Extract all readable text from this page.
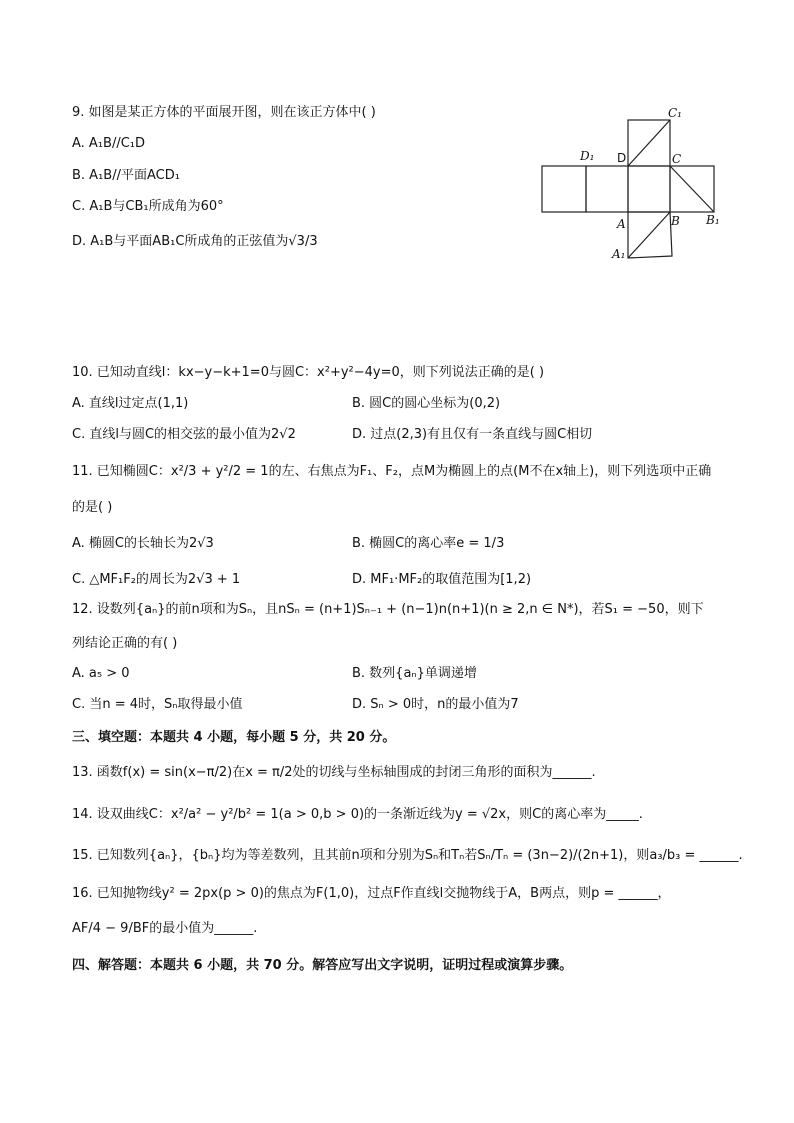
9. 如图是某正方体的平面展开图，则在该正方体中( )
A. A₁B//C₁D
B. A₁B//平面ACD₁
C. A₁B与CB₁所成角为60°
D. A₁B与平面AB₁C所成角的正弦值为√3/3
C₁
D₁ D	C
A	B B₁
A₁
10. 已知动直线l：kx−y−k+1=0与圆C：x²+y²−4y=0，则下列说法正确的是( )
A. 直线l过定点(1,1)	B. 圆C的圆心坐标为(0,2)
C. 直线l与圆C的相交弦的最小值为2√2	D. 过点(2,3)有且仅有一条直线与圆C相切
11. 已知椭圆C：x²/3 + y²/2 = 1的左、右焦点为F₁、F₂，点M为椭圆上的点(M不在x轴上)，则下列选项中正确
的是( )
A. 椭圆C的长轴长为2√3	B. 椭圆C的离心率e = 1/3
C. △MF₁F₂的周长为2√3 + 1	D. MF₁·MF₂的取值范围为[1,2)
12. 设数列{aₙ}的前n项和为Sₙ，且nSₙ = (n+1)Sₙ₋₁ + (n−1)n(n+1)(n ≥ 2,n ∈ N*)，若S₁ = −50，则下
列结论正确的有( )
A. a₅ > 0	B. 数列{aₙ}单调递增
C. 当n = 4时，Sₙ取得最小值	D. Sₙ > 0时，n的最小值为7
三、填空题：本题共 4 小题，每小题 5 分，共 20 分。
13. 函数f(x) = sin(x−π/2)在x = π/2处的切线与坐标轴围成的封闭三角形的面积为______.
14. 设双曲线C：x²/a² − y²/b² = 1(a > 0,b > 0)的一条渐近线为y = √2x，则C的离心率为_____.
15. 已知数列{aₙ}，{bₙ}均为等差数列，且其前n项和分别为Sₙ和Tₙ若Sₙ/Tₙ = (3n−2)/(2n+1)，则a₃/b₃ = ______.
16. 已知抛物线y² = 2px(p > 0)的焦点为F(1,0)，过点F作直线l交抛物线于A，B两点，则p = ______，
AF/4 − 9/BF的最小值为______.
四、解答题：本题共 6 小题，共 70 分。解答应写出文字说明，证明过程或演算步骤。
